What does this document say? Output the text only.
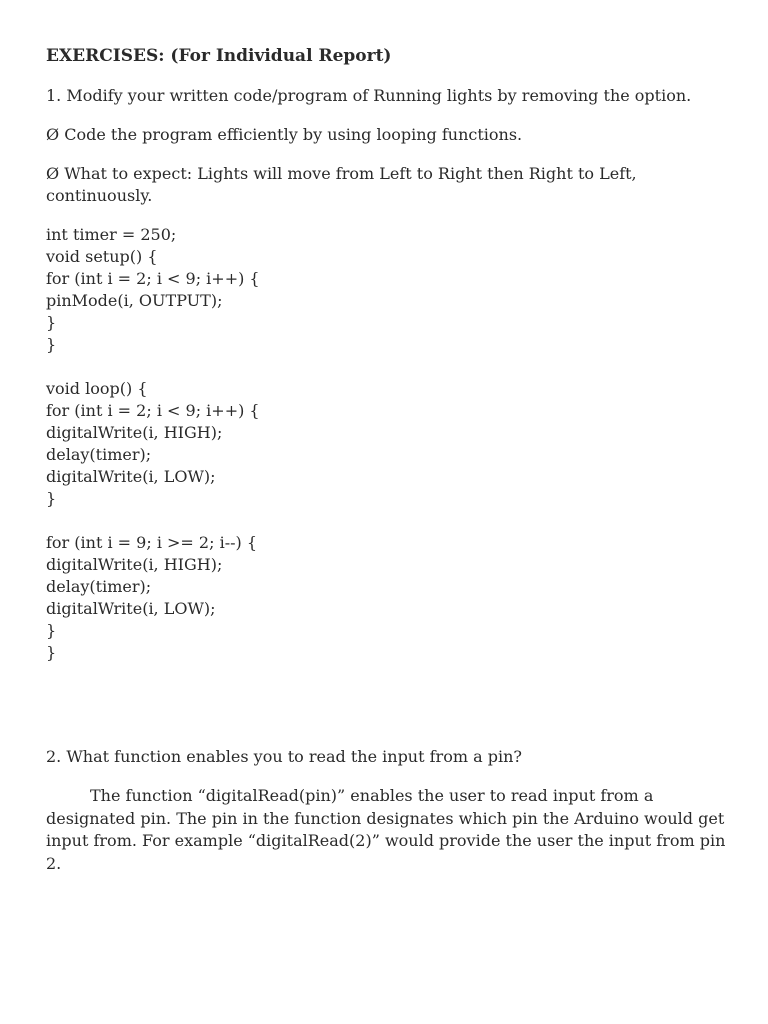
EXERCISES: (For Individual Report)
1. Modify your written code/program of Running lights by removing the option.
Ø Code the program efficiently by using looping functions.
Ø What to expect: Lights will move from Left to Right then Right to Left, continuously.
int timer = 250;
void setup() {
for (int i = 2; i < 9; i++) {
pinMode(i, OUTPUT);
}
}
void loop() {
for (int i = 2; i < 9; i++) {
digitalWrite(i, HIGH);
delay(timer);
digitalWrite(i, LOW);
}
for (int i = 9; i >= 2; i--) {
digitalWrite(i, HIGH);
delay(timer);
digitalWrite(i, LOW);
}
}
2. What function enables you to read the input from a pin?
The function “digitalRead(pin)” enables the user to read input from a designated pin. The pin in the function designates which pin the Arduino would get input from. For example “digitalRead(2)” would provide the user the input from pin 2.
